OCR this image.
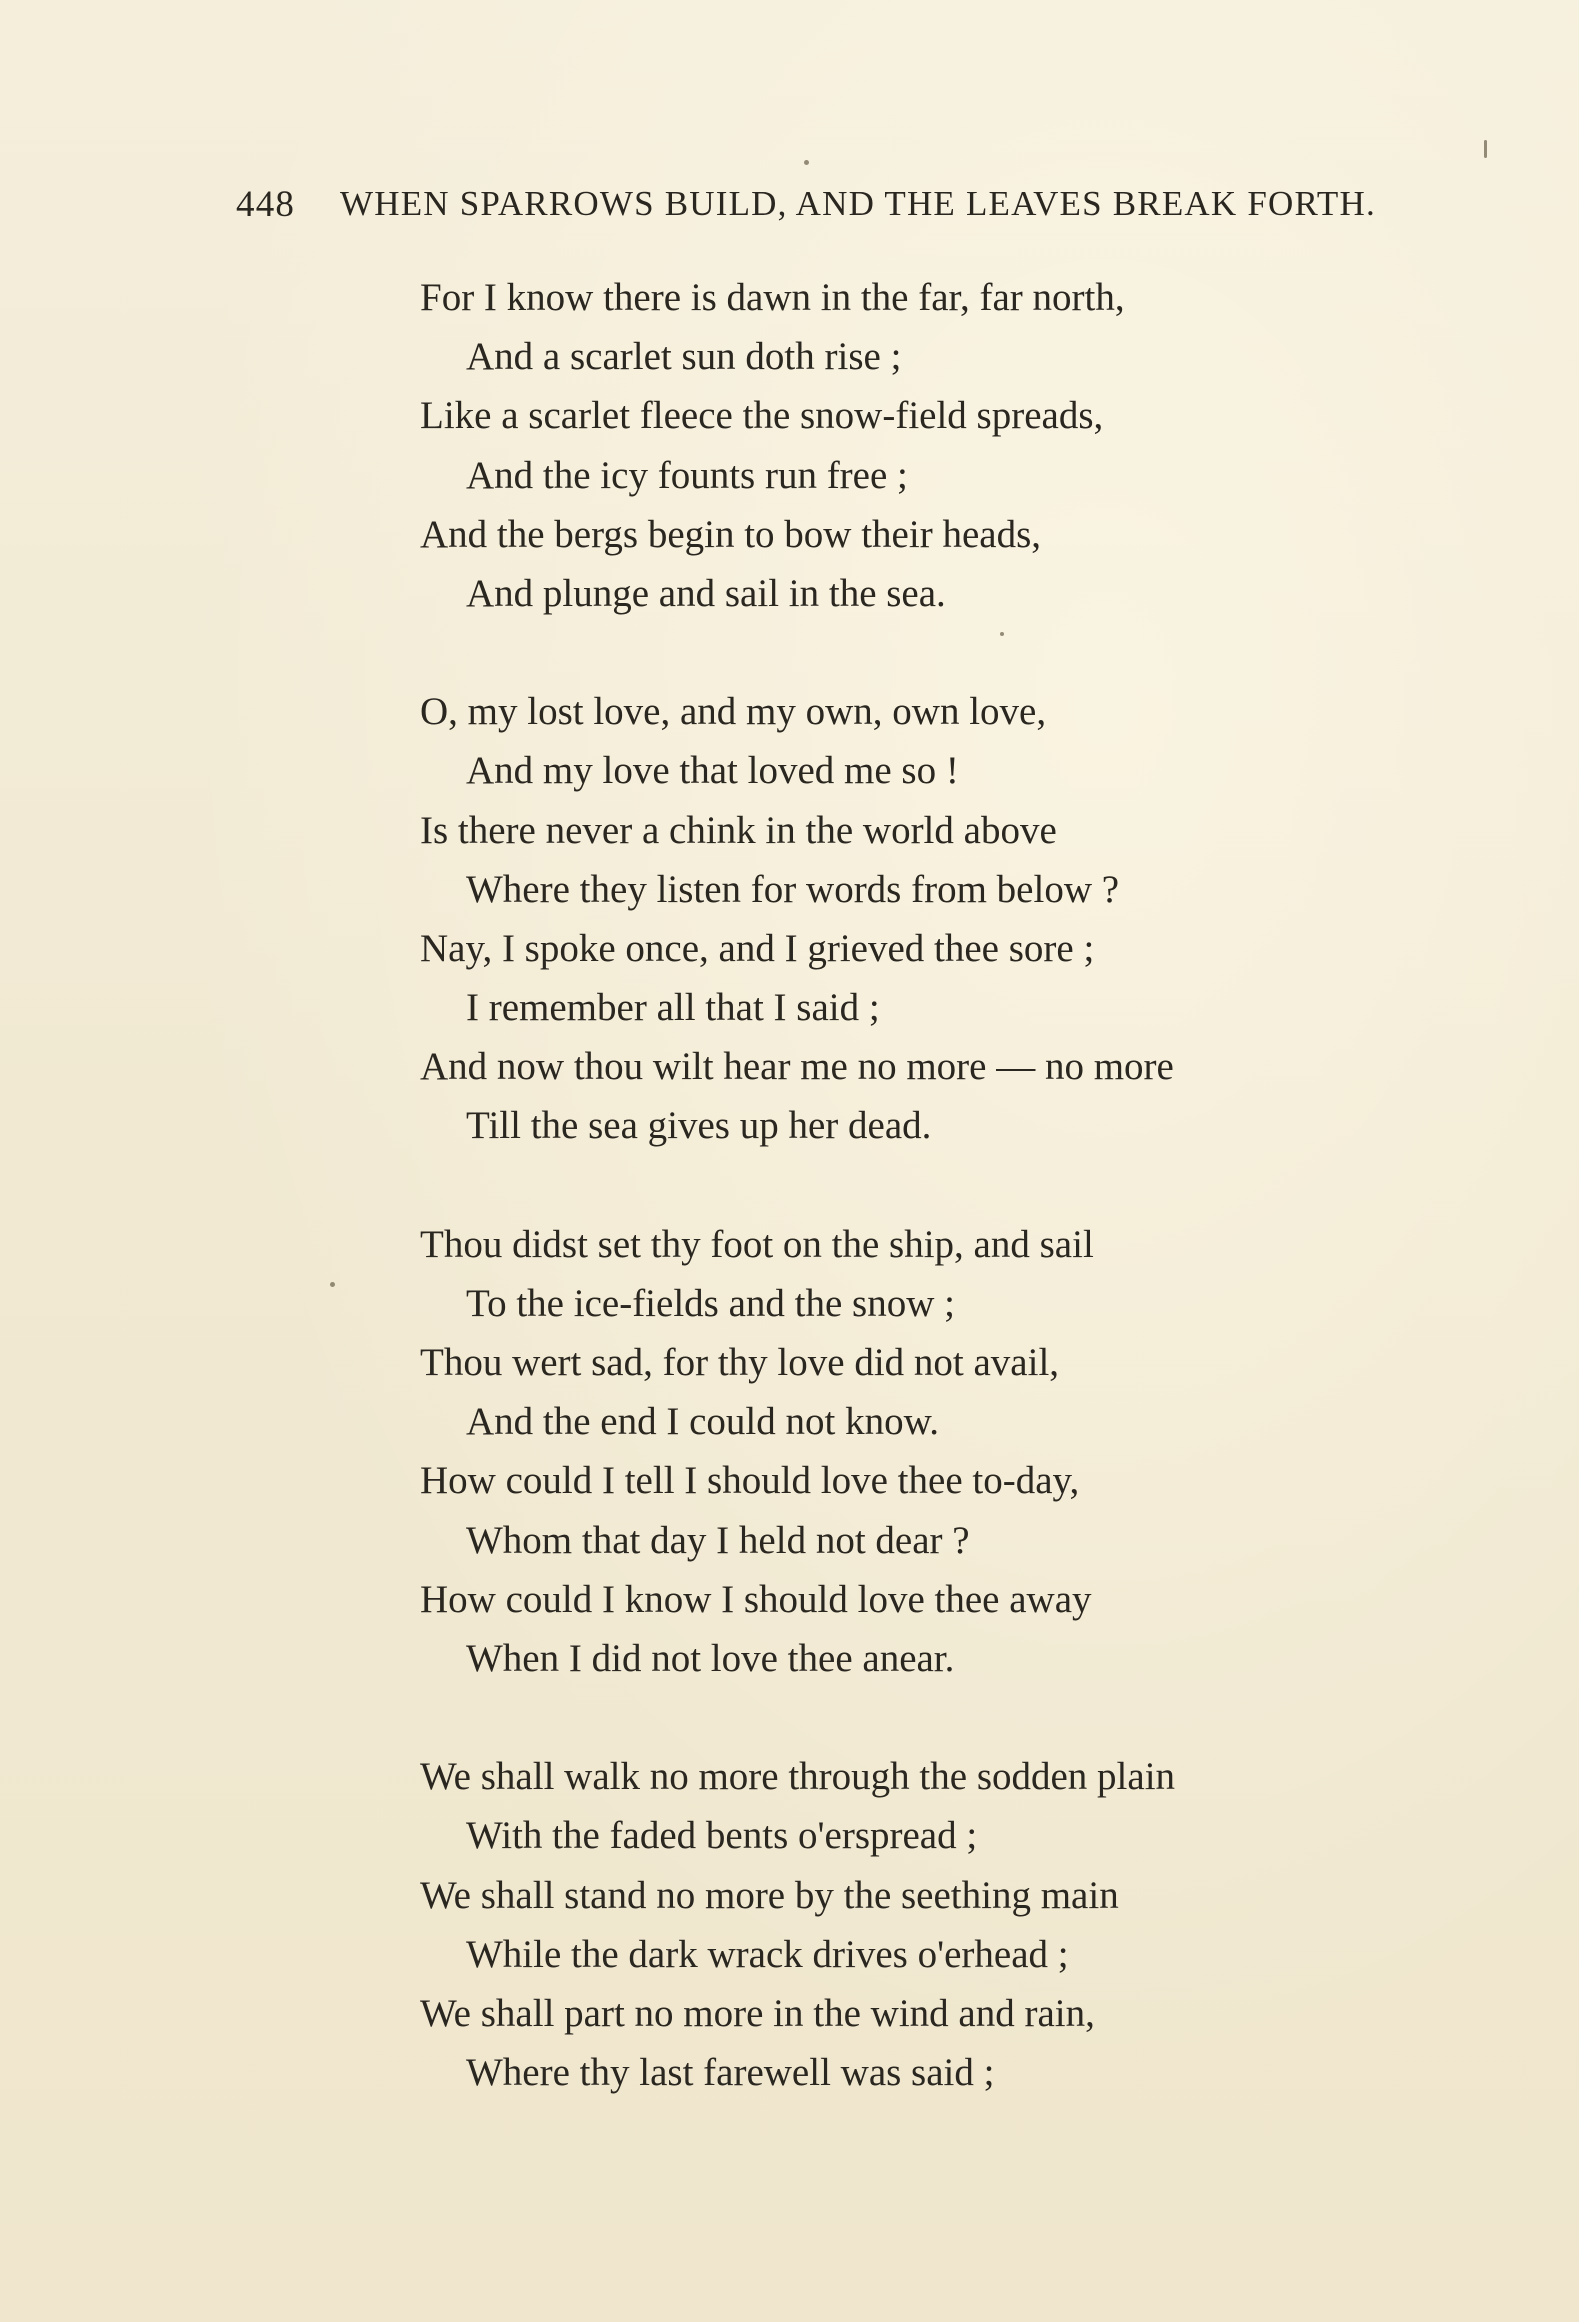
448	WHEN SPARROWS BUILD, AND THE LEAVES BREAK FORTH.
For I know there is dawn in the far, far north,
And a scarlet sun doth rise ;
Like a scarlet fleece the snow-field spreads,
And the icy founts run free ;
And the bergs begin to bow their heads,
And plunge and sail in the sea.
O, my lost love, and my own, own love,
And my love that loved me so !
Is there never a chink in the world above
Where they listen for words from below ?
Nay, I spoke once, and I grieved thee sore ;
I remember all that I said ;
And now thou wilt hear me no more — no more
Till the sea gives up her dead.
Thou didst set thy foot on the ship, and sail
To the ice-fields and the snow ;
Thou wert sad, for thy love did not avail,
And the end I could not know.
How could I tell I should love thee to-day,
Whom that day I held not dear ?
How could I know I should love thee away
When I did not love thee anear.
We shall walk no more through the sodden plain
With the faded bents o'erspread ;
We shall stand no more by the seething main
While the dark wrack drives o'erhead ;
We shall part no more in the wind and rain,
Where thy last farewell was said ;
